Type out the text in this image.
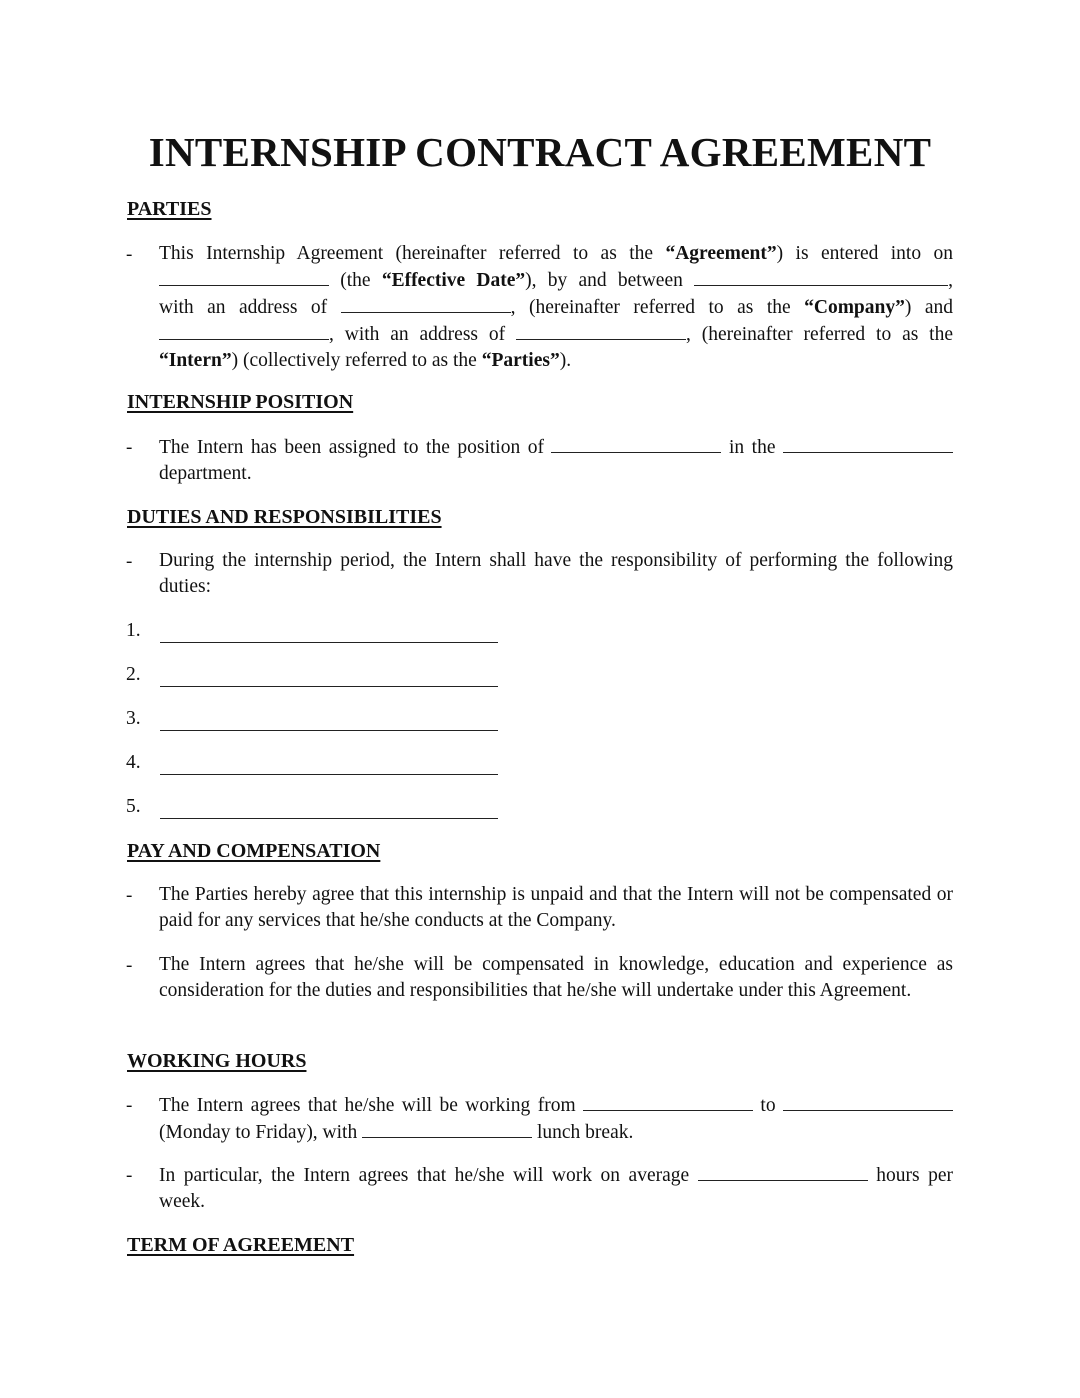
INTERNSHIP CONTRACT AGREEMENT
PARTIES
- This Internship Agreement (hereinafter referred to as the “Agreement”) is entered into on
(the “Effective Date”), by and between	,
with an address of	, (hereinafter referred to as the “Company”) and
, with an address of	, (hereinafter referred to as the
“Intern”) (collectively referred to as the “Parties”).
INTERNSHIP POSITION
- The Intern has been assigned to the position of	in the
department.
DUTIES AND RESPONSIBILITIES
- During the internship period, the Intern shall have the responsibility of performing the following duties:
1.
2.
3.
4.
5.
PAY AND COMPENSATION
- The Parties hereby agree that this internship is unpaid and that the Intern will not be compensated or paid for any services that he/she conducts at the Company.
- The Intern agrees that he/she will be compensated in knowledge, education and experience as consideration for the duties and responsibilities that he/she will undertake under this Agreement.
WORKING HOURS
- The Intern agrees that he/she will be working from	to
(Monday to Friday), with	lunch break.
- In particular, the Intern agrees that he/she will work on average	hours per
week.
TERM OF AGREEMENT
